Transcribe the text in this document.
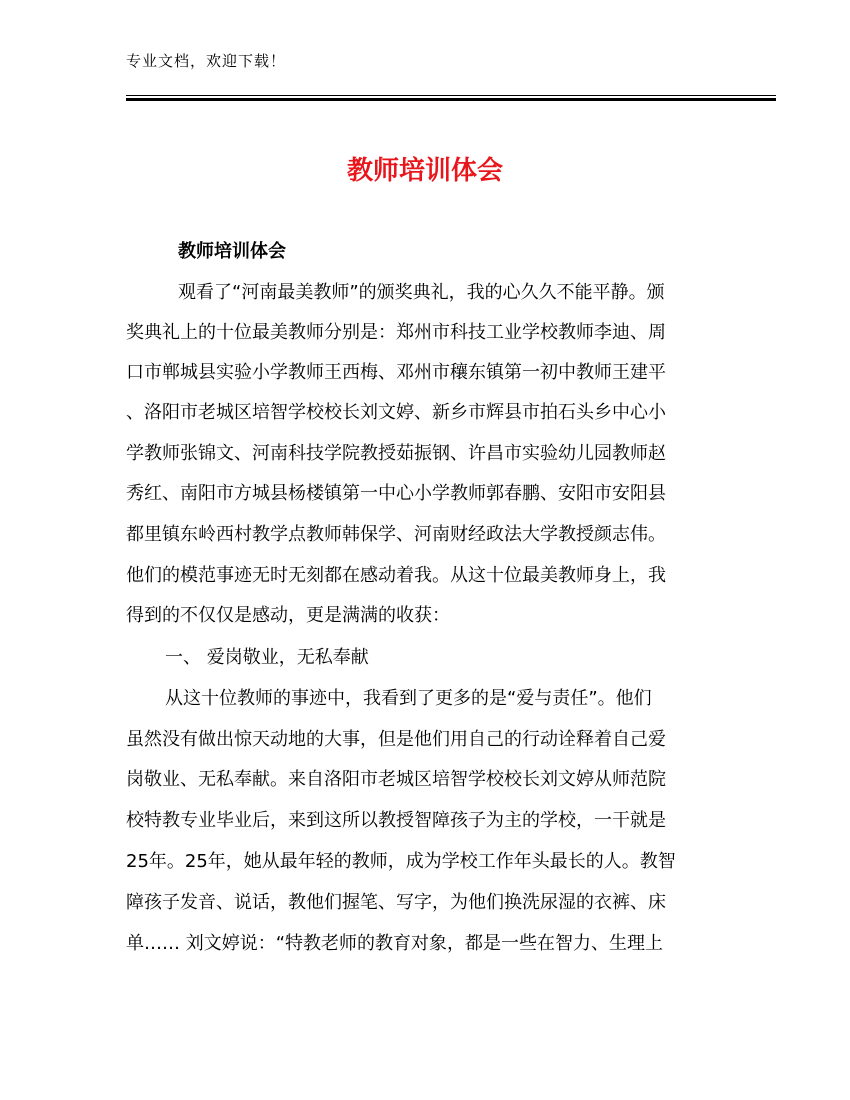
专业文档，欢迎下载！
教师培训体会
教师培训体会
观看了“河南最美教师”的颁奖典礼，我的心久久不能平静。颁
奖典礼上的十位最美教师分别是：郑州市科技工业学校教师李迪、周
口市郸城县实验小学教师王西梅、邓州市穰东镇第一初中教师王建平
、洛阳市老城区培智学校校长刘文婷、新乡市辉县市拍石头乡中心小
学教师张锦文、河南科技学院教授茹振钢、许昌市实验幼儿园教师赵
秀红、南阳市方城县杨楼镇第一中心小学教师郭春鹏、安阳市安阳县
都里镇东岭西村教学点教师韩保学、河南财经政法大学教授颜志伟。
他们的模范事迹无时无刻都在感动着我。从这十位最美教师身上，我
得到的不仅仅是感动，更是满满的收获：
一、 爱岗敬业，无私奉献
从这十位教师的事迹中，我看到了更多的是“爱与责任”。他们
虽然没有做出惊天动地的大事，但是他们用自己的行动诠释着自己爱
岗敬业、无私奉献。来自洛阳市老城区培智学校校长刘文婷从师范院
校特教专业毕业后，来到这所以教授智障孩子为主的学校，一干就是
25年。25年，她从最年轻的教师，成为学校工作年头最长的人。教智
障孩子发音、说话，教他们握笔、写字，为他们换洗尿湿的衣裤、床
单…… 刘文婷说：“特教老师的教育对象，都是一些在智力、生理上
